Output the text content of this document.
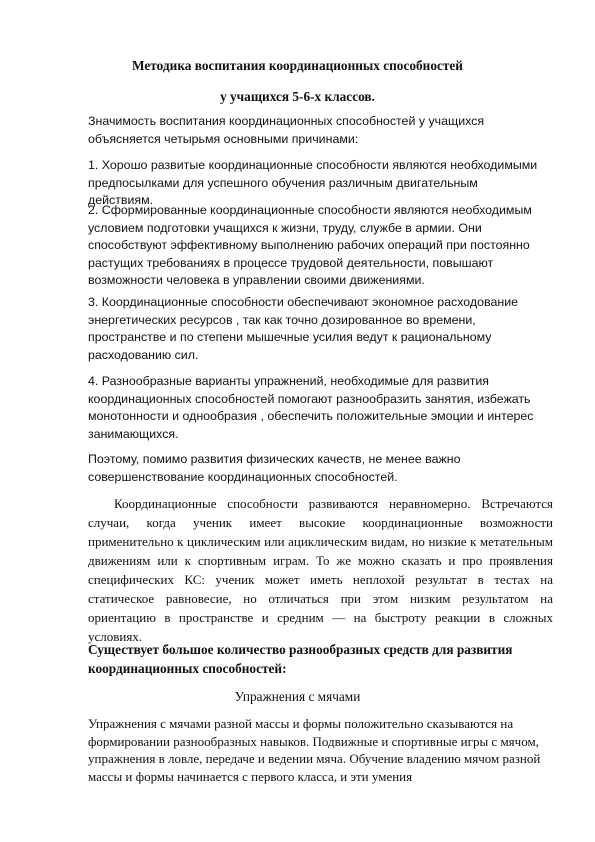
Методика воспитания координационных способностей
у учащихся 5-6-х классов.

Значимость воспитания координационных способностей у учащихся объясняется четырьмя основными причинами:

1. Хорошо развитые координационные способности являются необходимыми предпосылками для успешного обучения различным двигательным действиям.

2. Сформированные координационные способности являются необходимым условием подготовки учащихся к жизни, труду, службе в армии. Они способствуют эффективному выполнению рабочих операций при постоянно растущих требованиях в процессе трудовой деятельности, повышают возможности человека в управлении своими движениями.

3. Координационные способности обеспечивают экономное расходование энергетических ресурсов , так как точно дозированное во времени, пространстве и по степени мышечные усилия ведут к рациональному расходованию сил.

4. Разнообразные варианты упражнений, необходимые для развития координационных способностей помогают разнообразить занятия, избежать монотонности и однообразия , обеспечить положительные эмоции и интерес занимающихся.

Поэтому, помимо развития физических качеств, не менее важно совершенствование координационных способностей.

Координационные способности развиваются неравномерно. Встречаются случаи, когда ученик имеет высокие координационные возможности применительно к циклическим или ациклическим видам, но низкие к метательным движениям или к спортивным играм. То же можно сказать и про проявления специфических КС: ученик может иметь неплохой результат в тестах на статическое равновесие, но отличаться при этом низким результатом на ориентацию в пространстве и средним — на быстроту реакции в сложных условиях.

Существует большое количество разнообразных средств для развития координационных способностей:

Упражнения с мячами

Упражнения с мячами разной массы и формы положительно сказываются на формировании разнообразных навыков. Подвижные и спортивные игры с мячом, упражнения в ловле, передаче и ведении мяча. Обучение владению мячом разной массы и формы начинается с первого класса, и эти умения
